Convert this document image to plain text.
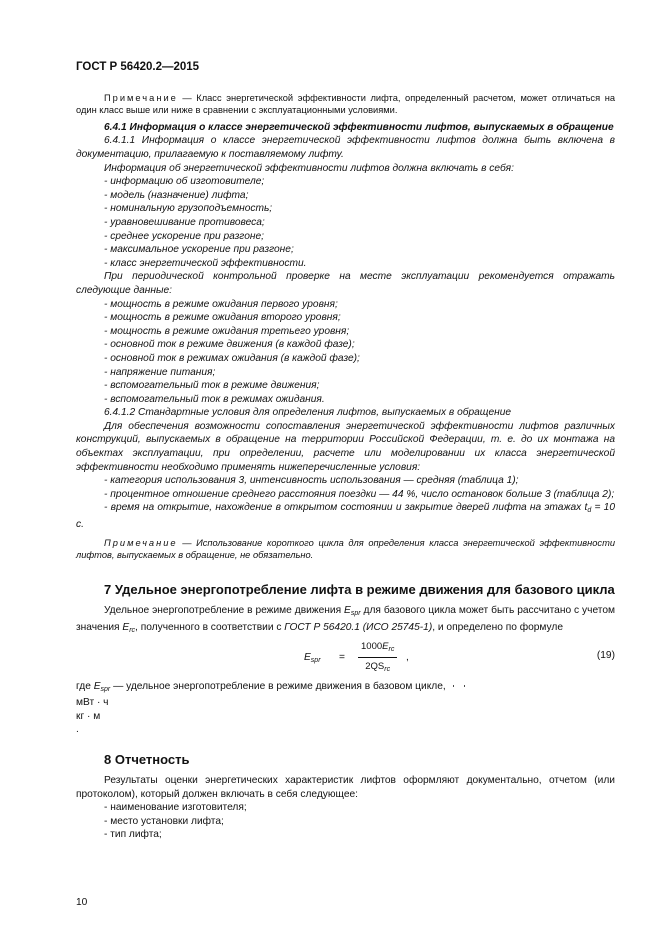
ГОСТ Р 56420.2—2015

Примечание — Класс энергетической эффективности лифта, определенный расчетом, может отличаться на один класс выше или ниже в сравнении с эксплуатационными условиями.

6.4.1 Информация о классе энергетической эффективности лифтов, выпускаемых в обращение

6.4.1.1 Информация о классе энергетической эффективности лифтов должна быть включена в документацию, прилагаемую к поставляемому лифту.

Информация об энергетической эффективности лифтов должна включать в себя:

- информацию об изготовителе;
- модель (назначение) лифта;
- номинальную грузоподъемность;
- уравновешивание противовеса;
- среднее ускорение при разгоне;
- максимальное ускорение при разгоне;
- класс энергетической эффективности.

При периодической контрольной проверке на месте эксплуатации рекомендуется отражать следующие данные:

- мощность в режиме ожидания первого уровня;
- мощность в режиме ожидания второго уровня;
- мощность в режиме ожидания третьего уровня;
- основной ток в режиме движения (в каждой фазе);
- основной ток в режимах ожидания (в каждой фазе);
- напряжение питания;
- вспомогательный ток в режиме движения;
- вспомогательный ток в режимах ожидания.

6.4.1.2 Стандартные условия для определения лифтов, выпускаемых в обращение

Для обеспечения возможности сопоставления энергетической эффективности лифтов различных конструкций, выпускаемых в обращение на территории Российской Федерации, т. е. до их монтажа на объектах эксплуатации, при определении, расчете или моделировании их класса энергетической эффективности необходимо применять нижеперечисленные условия:

- категория использования 3, интенсивность использования — средняя (таблица 1);

- процентное отношение среднего расстояния поездки — 44 %, число остановок больше 3 (таблица 2);

- время на открытие, нахождение в открытом состоянии и закрытие дверей лифта на этажах $t_d = 10$ с.

Примечание — Использование короткого цикла для определения класса энергетической эффективности лифтов, выпускаемых в обращение, не обязательно.

7 Удельное энергопотребление лифта в режиме движения для базового цикла

Удельное энергопотребление в режиме движения $E_{spr}$ для базового цикла может быть рассчитано с учетом значения $E_{rc}$, полученного в соответствии с ГОСТ Р 56420.1 (ИСО 25745-1), и определено по формуле

$E_{spr}$ =
$1000E_{rc}$
$2QS_{rc}$
,	(19)

где $E_{spr}$ — удельное энергопотребление в режиме движения в базовом цикле,

мВт · ч
кг · м
.

8 Отчетность

Результаты оценки энергетических характеристик лифтов оформляют документально, отчетом (или протоколом), который должен включать в себя следующее:

- наименование изготовителя;
- место установки лифта;
- тип лифта;
10
